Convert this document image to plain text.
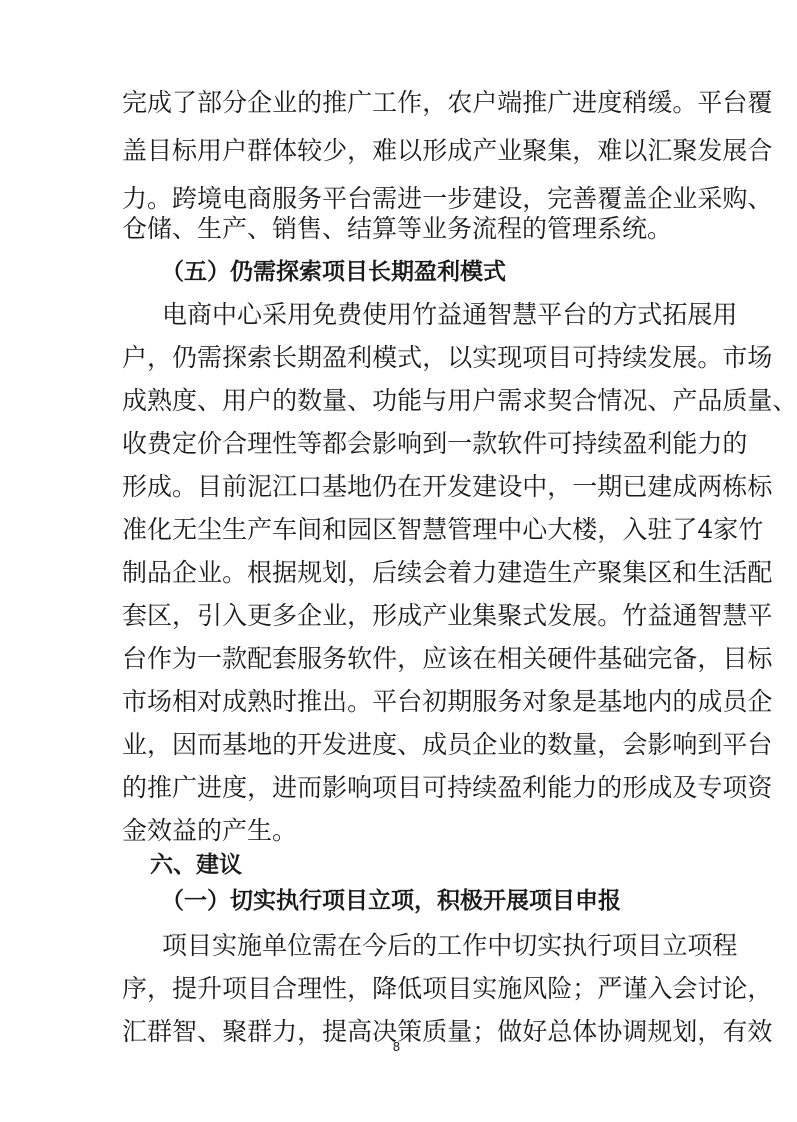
完 成 了 部 分 企 业 的 推 广 工 作 ， 农 户 端 推 广 进 度 稍 缓 。 平 台 覆
盖 目 标 用 户 群 体 较 少 ， 难 以 形 成 产 业 聚 集 ， 难 以 汇 聚 发 展 合
力 。 跨 境 电 商 服 务 平 台 需 进 一 步 建 设 ， 完 善 覆 盖 企 业 采 购 、
仓储、生产、销售、结算等业务流程的管理系统。
（五）仍需探索项目长期盈利模式
电 商 中 心 采 用 免 费 使 用 竹 益 通 智 慧 平 台 的 方 式 拓 展 用
户 ， 仍 需 探 索 长 期 盈 利 模 式 ， 以 实 现 项 目 可 持 续 发 展 。 市 场
成 熟 度 、 用 户 的 数 量 、 功 能 与 用 户 需 求 契 合 情 况 、 产 品 质 量 、
收 费 定 价 合 理 性 等 都 会 影 响 到 一 款 软 件 可 持 续 盈 利 能 力 的
形 成 。 目 前 泥 江 口 基 地 仍 在 开 发 建 设 中 ， 一 期 已 建 成 两 栋 标
准 化 无 尘 生 产 车 间 和 园 区 智 慧 管 理 中 心 大 楼 ， 入 驻 了 4 家 竹
制 品 企 业 。 根 据 规 划 ， 后 续 会 着 力 建 造 生 产 聚 集 区 和 生 活 配
套 区 ， 引 入 更 多 企 业 ， 形 成 产 业 集 聚 式 发 展 。 竹 益 通 智 慧 平
台 作 为 一 款 配 套 服 务 软 件 ， 应 该 在 相 关 硬 件 基 础 完 备 ， 目 标
市 场 相 对 成 熟 时 推 出 。 平 台 初 期 服 务 对 象 是 基 地 内 的 成 员 企
业 ， 因 而 基 地 的 开 发 进 度 、 成 员 企 业 的 数 量 ， 会 影 响 到 平 台
的 推 广 进 度 ， 进 而 影 响 项 目 可 持 续 盈 利 能 力 的 形 成 及 专 项 资
金效益的产生。
六、建议
（一）切实执行项目立项，积极开展项目申报
项 目 实 施 单 位 需 在 今 后 的 工 作 中 切 实 执 行 项 目 立 项 程
序 ， 提 升 项 目 合 理 性 ， 降 低 项 目 实 施 风 险 ； 严 谨 入 会 讨 论 ，
汇 群 智 、 聚 群 力 ， 提 高 决 策 质 量 ； 做 好 总 体 协 调 规 划 ， 有 效
8
